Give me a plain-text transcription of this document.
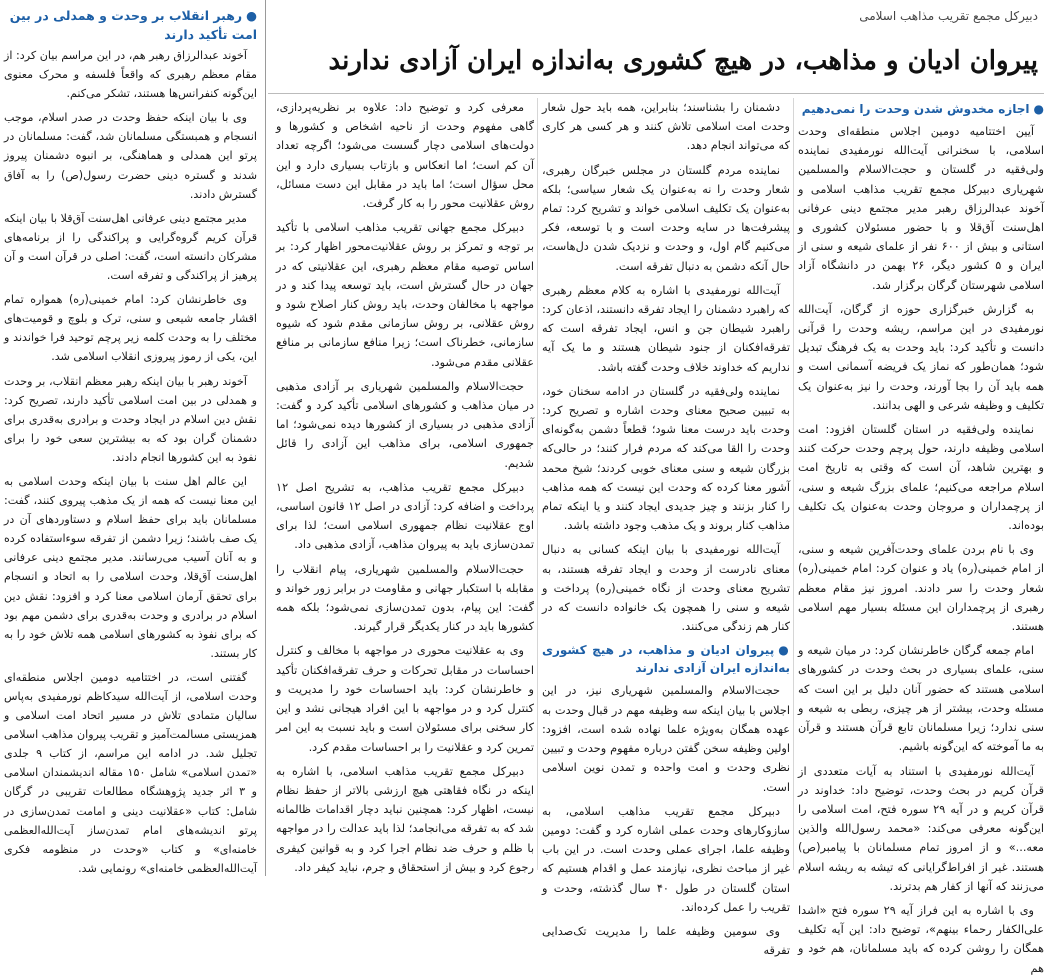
●رهبر انقلاب بر وحدت و همدلی در بین امت تأکید دارند

آخوند عبدالرزاق رهبر هم، در این مراسم بیان کرد: از مقام معظم رهبری که واقعاً فلسفه و محرک معنوی این‌گونه کنفرانس‌ها هستند، تشکر می‌کنم.

وی با بیان اینکه حفظ وحدت در صدر اسلام، موجب انسجام و همبستگی مسلمانان شد، گفت: مسلمانان در پرتو این همدلی و هماهنگی، بر انبوه دشمنان پیروز شدند و گستره دینی حضرت رسول(ص) را به آفاق گسترش دادند.

مدیر مجتمع دینی عرفانی اهل‌سنت آق‌قلا با بیان اینکه قرآن کریم گروه‌گرایی و پراکندگی را از برنامه‌های مشرکان دانسته است، گفت: اصلی در قرآن است و آن پرهیز از پراکندگی و تفرقه است.

وی خاطرنشان کرد: امام خمینی(ره) همواره تمام اقشار جامعه شیعی و سنی، ترک و بلوچ و قومیت‌های مختلف را به وحدت کلمه زیر پرچم توحید فرا خواندند و این، یکی از رموز پیروزی انقلاب اسلامی شد.

آخوند رهبر با بیان اینکه رهبر معظم انقلاب، بر وحدت و همدلی در بین امت اسلامی تأکید دارند، تصریح کرد: نقش دین اسلام در ایجاد وحدت و برادری به‌قدری برای دشمنان گران بود که به بیشترین سعی خود را برای نفوذ به این کشورها انجام دادند.

این عالم اهل سنت با بیان اینکه وحدت اسلامی به این معنا نیست که همه از یک مذهب پیروی کنند، گفت: مسلمانان باید برای حفظ اسلام و دستاوردهای آن در یک صف باشند؛ زیرا دشمن از تفرقه سوءاستفاده کرده و به آنان آسیب می‌رسانند. مدیر مجتمع دینی عرفانی اهل‌سنت آق‌قلا، وحدت اسلامی را به اتحاد و انسجام برای تحقق آرمان اسلامی معنا کرد و افزود: نقش دین اسلام در برادری و وحدت به‌قدری برای دشمن مهم بود که برای نفوذ به کشورهای اسلامی همه تلاش خود را به کار بستند.

گفتنی است، در اختتامیه دومین اجلاس منطقه‌ای وحدت اسلامی، از آیت‌الله سیدکاظم نورمفیدی به‌پاس سالیان متمادی تلاش در مسیر اتحاد امت اسلامی و همزیستی مسالمت‌آمیز و تقریب پیروان مذاهب اسلامی تجلیل شد. در ادامه این مراسم، از کتاب ۹ جلدی «تمدن اسلامی» شامل ۱۵۰ مقاله اندیشمندان اسلامی و ۳ اثر جدید پژوهشگاه مطالعات تقریبی در گرگان شامل: کتاب «عقلانیت دینی و امامت تمدن‌سازی در پرتو اندیشه‌های امام تمدن‌ساز آیت‌الله‌العظمی خامنه‌ای» و کتاب «وحدت در منظومه فکری آیت‌الله‌العظمی خامنه‌ای» رونمایی شد.

دبیرکل مجمع تقریب مذاهب اسلامی
پیروان ادیان و مذاهب، در هیچ کشوری به‌اندازه ایران آزادی ندارند
●اجازه مخدوش شدن وحدت را نمی‌دهیم

آیین اختتامیه دومین اجلاس منطقه‌ای وحدت اسلامی، با سخنرانی آیت‌الله نورمفیدی نماینده ولی‌فقیه در گلستان و حجت‌الاسلام والمسلمین شهریاری دبیرکل مجمع تقریب مذاهب اسلامی و آخوند عبدالرزاق رهبر مدیر مجتمع دینی عرفانی اهل‌سنت آق‌قلا و با حضور مسئولان کشوری و استانی و بیش از ۶۰۰ نفر از علمای شیعه و سنی از ایران و ۵ کشور دیگر، ۲۶ بهمن در دانشگاه آزاد اسلامی شهرستان گرگان برگزار شد.

به گزارش خبرگزاری حوزه از گرگان، آیت‌الله نورمفیدی در این مراسم، ریشه وحدت را قرآنی دانست و تأکید کرد: باید وحدت به یک فرهنگ تبدیل شود؛ همان‌طور که نماز یک فریضه آسمانی است و همه باید آن را بجا آورند، وحدت را نیز به‌عنوان یک تکلیف و وظیفه شرعی و الهی بدانند.

نماینده ولی‌فقیه در استان گلستان افزود: امت اسلامی وظیفه دارند، حول پرچم وحدت حرکت کنند و بهترین شاهد، آن است که وقتی به تاریخ امت اسلام مراجعه می‌کنیم؛ علمای بزرگ شیعه و سنی، از پرچمداران و مروجان وحدت به‌عنوان یک تکلیف بوده‌اند.

وی با نام بردن علمای وحدت‌آفرین شیعه و سنی، از امام خمینی(ره) یاد و عنوان کرد: امام خمینی(ره) شعار وحدت را سر دادند. امروز نیز مقام معظم رهبری از پرچمداران این مسئله بسیار مهم اسلامی هستند.

امام جمعه گرگان خاطرنشان کرد: در میان شیعه و سنی، علمای بسیاری در بحث وحدت در کشورهای اسلامی هستند که حضور آنان دلیل بر این است که مسئله وحدت، بیشتر از هر چیزی، ربطی به شیعه و سنی ندارد؛ زیرا مسلمانان تابع قرآن هستند و قرآن به ما آموخته که این‌گونه باشیم.

آیت‌الله نورمفیدی با استناد به آیات متعددی از قرآن کریم در بحث وحدت، توضیح داد: خداوند در قرآن کریم و در آیه ۲۹ سوره فتح، امت اسلامی را این‌گونه معرفی می‌کند: «محمد رسول‌الله والذین معه...» و از امروز تمام مسلمانان با پیامبر(ص) هستند. غیر از افراط‌گرایانی که تیشه به ریشه اسلام می‌زنند که آنها از کفار هم بدترند.

وی با اشاره به این فراز آیه ۲۹ سوره فتح «اشدا علی‌الکفار رحماء بینهم»، توضیح داد: این آیه تکلیف همگان را روشن کرده که باید مسلمانان، هم خود و هم

دشمنان را بشناسند؛ بنابراین، همه باید حول شعار وحدت امت اسلامی تلاش کنند و هر کسی هر کاری که می‌تواند انجام دهد.

نماینده مردم گلستان در مجلس خبرگان رهبری، شعار وحدت را نه به‌عنوان یک شعار سیاسی؛ بلکه به‌عنوان یک تکلیف اسلامی خواند و تشریح کرد: تمام پیشرفت‌ها در سایه وحدت است و با توسعه، فکر می‌کنیم گام اول، و وحدت و نزدیک شدن دل‌هاست، حال آنکه دشمن به دنبال تفرقه است.

آیت‌الله نورمفیدی با اشاره به کلام معظم رهبری که راهبرد دشمنان را ایجاد تفرقه دانستند، اذعان کرد: راهبرد شیطان جن و انس، ایجاد تفرقه است که تفرقه‌افکنان از جنود شیطان هستند و ما یک آیه نداریم که خداوند خلاف وحدت گفته باشد.

نماینده ولی‌فقیه در گلستان در ادامه سخنان خود، به تبیین صحیح معنای وحدت اشاره و تصریح کرد: وحدت باید درست معنا شود؛ قطعاً دشمن به‌گونه‌ای وحدت را القا می‌کند که مردم فرار کنند؛ در حالی‌که بزرگان شیعه و سنی معنای خوبی کردند؛ شیخ محمد آشور معنا کرده که وحدت این نیست که همه مذاهب را کنار بزنند و چیز جدیدی ایجاد کنند و یا اینکه تمام مذاهب کنار بروند و یک مذهب وجود داشته باشد.

آیت‌الله نورمفیدی با بیان اینکه کسانی به دنبال معنای نادرست از وحدت و ایجاد تفرقه هستند، به تشریح معنای وحدت از نگاه خمینی(ره) پرداخت و شیعه و سنی را همچون یک خانواده دانست که در کنار هم زندگی می‌کنند.

●پیروان ادیان و مذاهب، در هیچ کشوری به‌اندازه ایران آزادی ندارند

حجت‌الاسلام والمسلمین شهریاری نیز، در این اجلاس با بیان اینکه سه وظیفه مهم در قبال وحدت به عهده همگان به‌ویژه علما نهاده شده است، افزود: اولین وظیفه سخن گفتن درباره مفهوم وحدت و تبیین نظری وحدت و امت واحده و تمدن نوین اسلامی است.

دبیرکل مجمع تقریب مذاهب اسلامی، به سازوکارهای وحدت عملی اشاره کرد و گفت: دومین وظیفه علما، اجرای عملی وحدت است. در این باب غیر از مباحث نظری، نیازمند عمل و اقدام هستیم که استان گلستان در طول ۴۰ سال گذشته، وحدت و تقریب را عمل کرده‌اند.

وی سومین وظیفه علما را مدیریت تک‌صدایی تفرقه

معرفی کرد و توضیح داد: علاوه بر نظریه‌پردازی، گاهی مفهوم وحدت از ناحیه اشخاص و کشورها و دولت‌های اسلامی دچار گسست می‌شود؛ اگرچه تعداد آن کم است؛ اما انعکاس و بازتاب بسیاری دارد و این محل سؤال است؛ اما باید در مقابل این دست مسائل، روش عقلانیت محور را به کار گرفت.

دبیرکل مجمع جهانی تقریب مذاهب اسلامی با تأکید بر توجه و تمرکز بر روش عقلانیت‌محور اظهار کرد: بر اساس توصیه مقام معظم رهبری، این عقلانیتی که در جهان در حال گسترش است، باید توسعه پیدا کند و در مواجهه با مخالفان وحدت، باید روش کنار اصلاح شود و روش عقلانی، بر روش سازمانی مقدم شود که شیوه سازمانی، خطرناک است؛ زیرا منافع سازمانی بر منافع عقلانی مقدم می‌شود.

حجت‌الاسلام والمسلمین شهریاری بر آزادی مذهبی در میان مذاهب و کشورهای اسلامی تأکید کرد و گفت: آزادی مذهبی در بسیاری از کشورها دیده نمی‌شود؛ اما جمهوری اسلامی، برای مذاهب این آزادی را قائل شدیم.

دبیرکل مجمع تقریب مذاهب، به تشریح اصل ۱۲ پرداخت و اضافه کرد: آزادی در اصل ۱۲ قانون اساسی، اوج عقلانیت نظام جمهوری اسلامی است؛ لذا برای تمدن‌سازی باید به پیروان مذاهب، آزادی مذهبی داد.

حجت‌الاسلام والمسلمین شهریاری، پیام انقلاب را مقابله با استکبار جهانی و مقاومت در برابر زور خواند و گفت: این پیام، بدون تمدن‌سازی نمی‌شود؛ بلکه همه کشورها باید در کنار یکدیگر قرار گیرند.

وی به عقلانیت محوری در مواجهه با مخالف و کنترل احساسات در مقابل تحرکات و حرف تفرقه‌افکنان تأکید و خاطرنشان کرد: باید احساسات خود را مدیریت و کنترل کرد و در مواجهه با این افراد هیجانی نشد و این کار سخنی برای مسئولان است و باید نسبت به این امر تمرین کرد و عقلانیت را بر احساسات مقدم کرد.

دبیرکل مجمع تقریب مذاهب اسلامی، با اشاره به اینکه در نگاه فقاهتی هیچ ارزشی بالاتر از حفظ نظام نیست، اظهار کرد: همچنین نباید دچار اقدامات ظالمانه شد که به تفرقه می‌انجامد؛ لذا باید عدالت را در مواجهه با ظلم و حرف ضد نظام اجرا کرد و به قوانین کیفری رجوع کرد و بیش از استحقاق و جرم، نباید کیفر داد.
